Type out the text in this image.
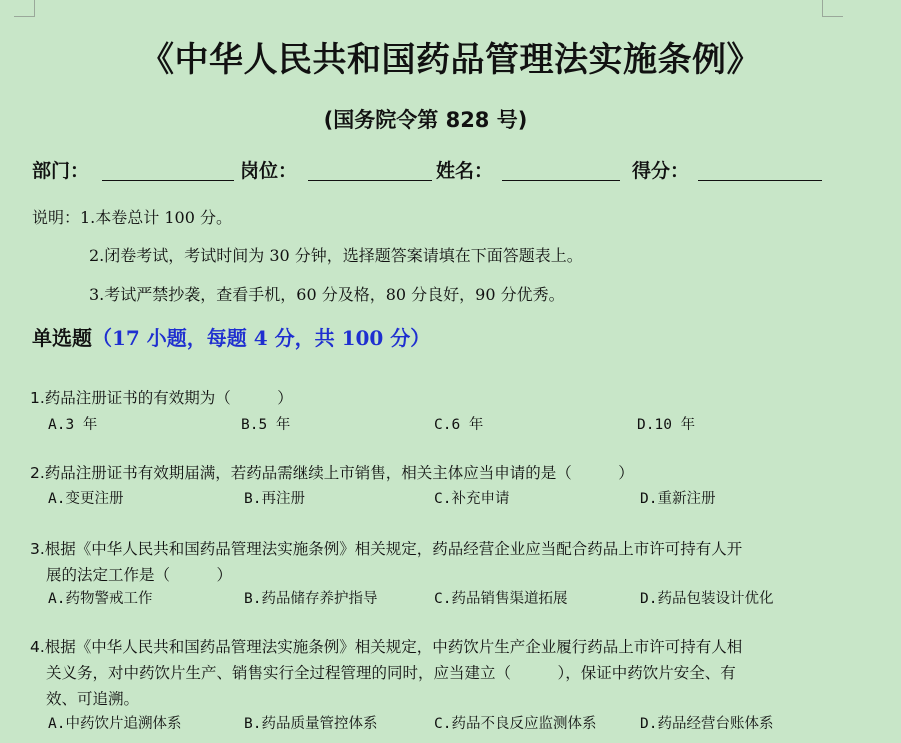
《中华人民共和国药品管理法实施条例》
(国务院令第 828 号)
部门：	岗位：	姓名：	得分：
说明：1.本卷总计 100 分。
2.闭卷考试，考试时间为 30 分钟，选择题答案请填在下面答题表上。
3.考试严禁抄袭，查看手机，60 分及格，80 分良好，90 分优秀。
单选题（17 小题，每题 4 分，共 100 分）
1.药品注册证书的有效期为（　　　）
A.3 年	B.5 年	C.6 年	D.10 年
2.药品注册证书有效期届满，若药品需继续上市销售，相关主体应当申请的是（　　　）
A.变更注册	B.再注册	C.补充申请	D.重新注册
3.根据《中华人民共和国药品管理法实施条例》相关规定，药品经营企业应当配合药品上市许可持有人开
展的法定工作是（　　　）
A.药物警戒工作	B.药品储存养护指导	C.药品销售渠道拓展	D.药品包装设计优化
4.根据《中华人民共和国药品管理法实施条例》相关规定，中药饮片生产企业履行药品上市许可持有人相
关义务，对中药饮片生产、销售实行全过程管理的同时，应当建立（　　　），保证中药饮片安全、有
效、可追溯。
A.中药饮片追溯体系	B.药品质量管控体系	C.药品不良反应监测体系	D.药品经营台账体系
